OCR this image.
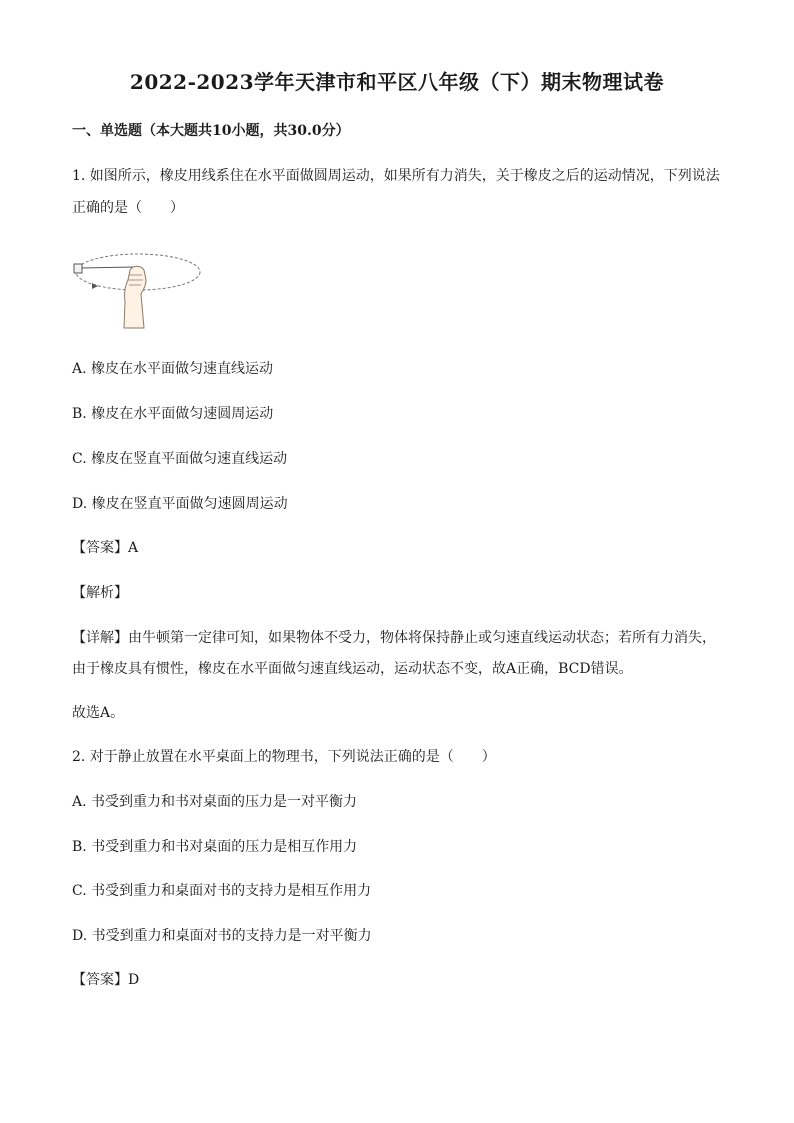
2022-2023学年天津市和平区八年级（下）期末物理试卷
一、单选题（本大题共10小题，共30.0分）
1. 如图所示，橡皮用线系住在水平面做圆周运动，如果所有力消失，关于橡皮之后的运动情况，下列说法
正确的是（　　）
A. 橡皮在水平面做匀速直线运动
B. 橡皮在水平面做匀速圆周运动
C. 橡皮在竖直平面做匀速直线运动
D. 橡皮在竖直平面做匀速圆周运动
【答案】A
【解析】
【详解】由牛顿第一定律可知，如果物体不受力，物体将保持静止或匀速直线运动状态；若所有力消失，
由于橡皮具有惯性，橡皮在水平面做匀速直线运动，运动状态不变，故A正确，BCD错误。
故选A。
2. 对于静止放置在水平桌面上的物理书，下列说法正确的是（　　）
A. 书受到重力和书对桌面的压力是一对平衡力
B. 书受到重力和书对桌面的压力是相互作用力
C. 书受到重力和桌面对书的支持力是相互作用力
D. 书受到重力和桌面对书的支持力是一对平衡力
【答案】D
